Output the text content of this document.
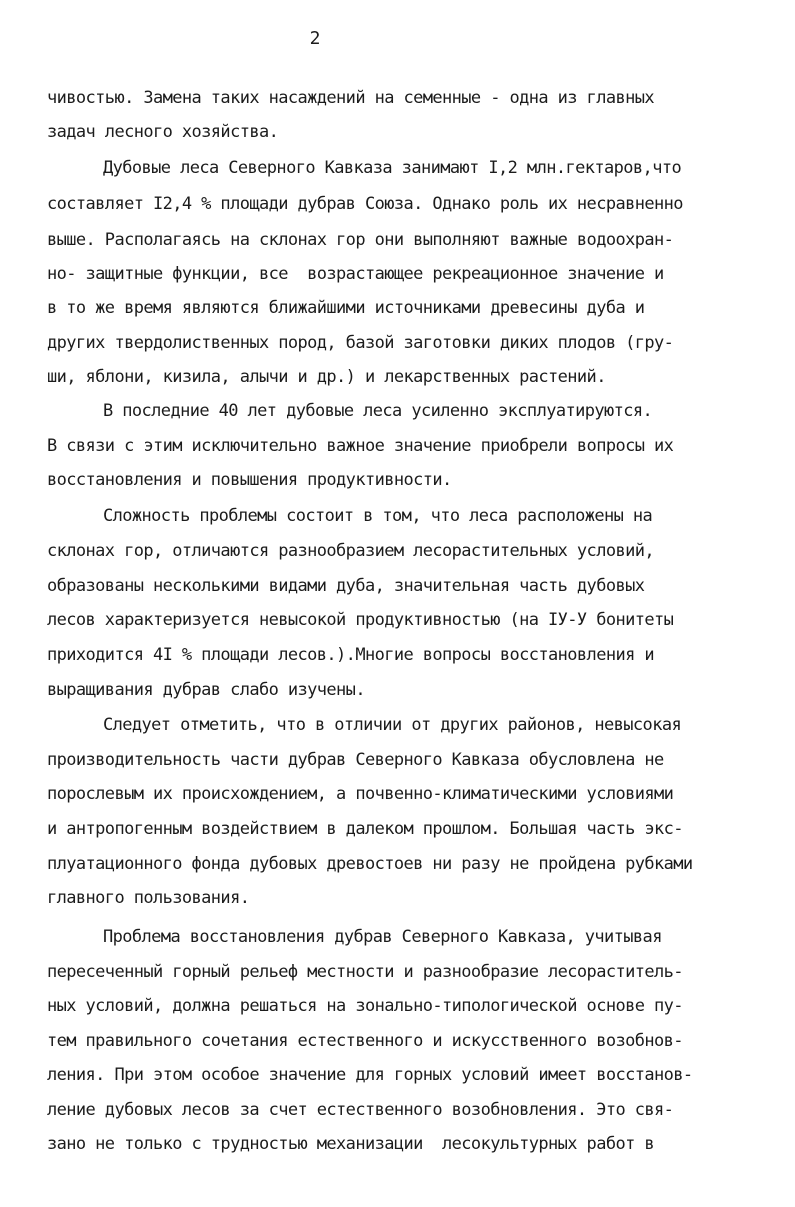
2
чивостью. Замена таких насаждений на семенные - одна из главных
задач лесного хозяйства.
Дубовые леса Северного Кавказа занимают I,2 млн.гектаров,что
составляет I2,4 % площади дубрав Союза. Однако роль их несравненно
выше. Располагаясь на склонах гор они выполняют важные водоохран-
но- защитные функции, все  возрастающее рекреационное значение и
в то же время являются ближайшими источниками древесины дуба и
других твердолиственных пород, базой заготовки диких плодов (гру-
ши, яблони, кизила, алычи и др.) и лекарственных растений.
В последние 40 лет дубовые леса усиленно эксплуатируются.
В связи с этим исключительно важное значение приобрели вопросы их
восстановления и повышения продуктивности.
Сложность проблемы состоит в том, что леса расположены на
склонах гор, отличаются разнообразием лесорастительных условий,
образованы несколькими видами дуба, значительная часть дубовых
лесов характеризуется невысокой продуктивностью (на IУ-У бонитеты
приходится 4I % площади лесов.).Многие вопросы восстановления и
выращивания дубрав слабо изучены.
Следует отметить, что в отличии от других районов, невысокая
производительность части дубрав Северного Кавказа обусловлена не
порослевым их происхождением, а почвенно-климатическими условиями
и антропогенным воздействием в далеком прошлом. Большая часть экс-
плуатационного фонда дубовых древостоев ни разу не пройдена рубками
главного пользования.
Проблема восстановления дубрав Северного Кавказа, учитывая
пересеченный горный рельеф местности и разнообразие лесораститель-
ных условий, должна решаться на зонально-типологической основе пу-
тем правильного сочетания естественного и искусственного возобнов-
ления. При этом особое значение для горных условий имеет восстанов-
ление дубовых лесов за счет естественного возобновления. Это свя-
зано не только с трудностью механизации  лесокультурных работ в
